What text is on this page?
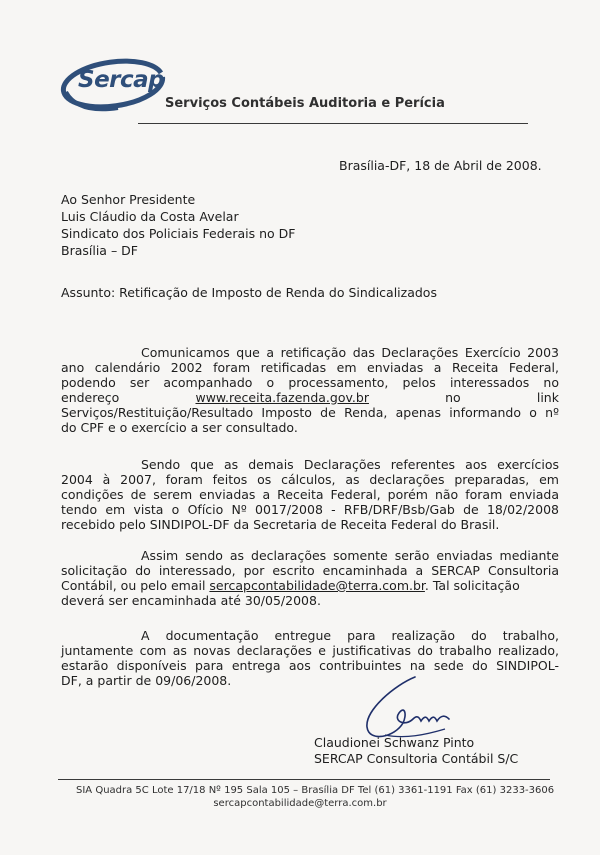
Sercap
Serviços Contábeis Auditoria e Perícia
Brasília-DF, 18 de Abril de 2008.
Ao Senhor Presidente
Luis Cláudio da Costa Avelar
Sindicato dos Policiais Federais no DF
Brasília – DF
Assunto: Retificação de Imposto de Renda do Sindicalizados
Comunicamos que a retificação das Declarações Exercício 2003
ano calendário 2002 foram retificadas em enviadas a Receita Federal,
podendo ser acompanhado o processamento, pelos interessados no
endereço	www.receita.fazenda.gov.br	no	link
Serviços/Restituição/Resultado Imposto de Renda, apenas informando o nº
do CPF e o exercício a ser consultado.
Sendo que as demais Declarações referentes aos exercícios
2004 à 2007, foram feitos os cálculos, as declarações preparadas, em
condições de serem enviadas a Receita Federal, porém não foram enviada
tendo em vista o Ofício Nº 0017/2008 - RFB/DRF/Bsb/Gab de 18/02/2008
recebido pelo SINDIPOL-DF da Secretaria de Receita Federal do Brasil.
Assim sendo as declarações somente serão enviadas mediante
solicitação do interessado, por escrito encaminhada a SERCAP Consultoria
Contábil, ou pelo email sercapcontabilidade@terra.com.br. Tal solicitação
deverá ser encaminhada até 30/05/2008.
A documentação entregue para realização do trabalho,
juntamente com as novas declarações e justificativas do trabalho realizado,
estarão disponíveis para entrega aos contribuintes na sede do SINDIPOL-
DF, a partir de 09/06/2008.
Claudionei Schwanz Pinto
SERCAP Consultoria Contábil S/C
SIA Quadra 5C Lote 17/18 Nº 195 Sala 105 – Brasília DF Tel (61) 3361-1191 Fax (61) 3233-3606
sercapcontabilidade@terra.com.br
